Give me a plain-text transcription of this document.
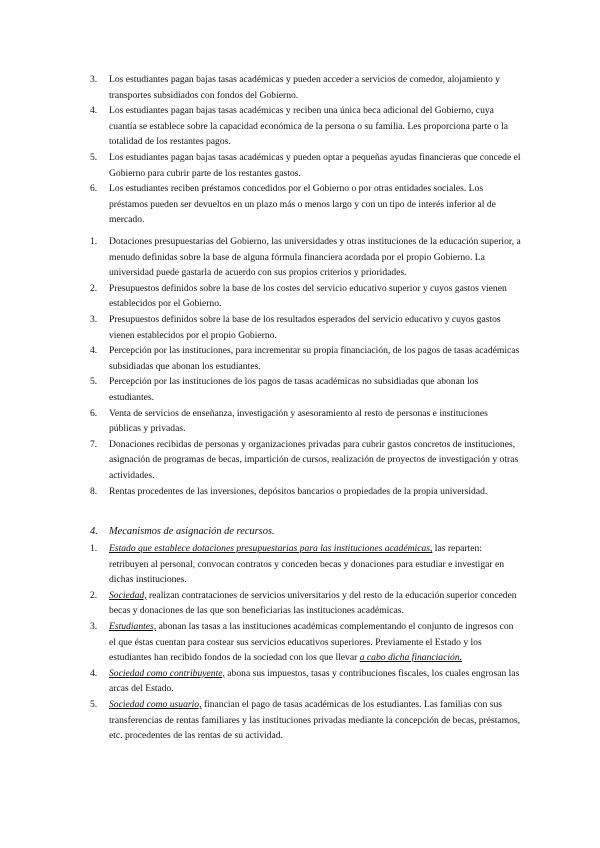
3. Los estudiantes pagan bajas tasas académicas y pueden acceder a servicios de comedor, alojamiento y transportes subsidiados con fondos del Gobierno.
4. Los estudiantes pagan bajas tasas académicas y reciben una única beca adicional del Gobierno, cuya cuantía se establece sobre la capacidad económica de la persona o su familia. Les proporciona parte o la totalidad de los restantes pagos.
5. Los estudiantes pagan bajas tasas académicas y pueden optar a pequeñas ayudas financieras que concede el Gobierno para cubrir parte de los restantes gastos.
6. Los estudiantes reciben préstamos concedidos por el Gobierno o por otras entidades sociales. Los préstamos pueden ser devueltos en un plazo más o menos largo y con un tipo de interés inferior al de mercado.
1. Dotaciones presupuestarias del Gobierno, las universidades y otras instituciones de la educación superior, a menudo definidas sobre la base de alguna fórmula financiera acordada por el propio Gobierno. La universidad puede gastarla de acuerdo con sus propios criterios y prioridades.
2. Presupuestos definidos sobre la base de los costes del servicio educativo superior y cuyos gastos vienen establecidos por el Gobierno.
3. Presupuestos definidos sobre la base de los resultados esperados del servicio educativo y cuyos gastos vienen establecidos por el propio Gobierno.
4. Percepción por las instituciones, para incrementar su propia financiación, de los pagos de tasas académicas subsidiadas que abonan los estudiantes.
5. Percepción por las instituciones de los pagos de tasas académicas no subsidiadas que abonan los estudiantes.
6. Venta de servicios de enseñanza, investigación y asesoramiento al resto de personas e instituciones públicas y privadas.
7. Donaciones recibidas de personas y organizaciones privadas para cubrir gastos concretos de instituciones, asignación de programas de becas, impartición de cursos, realización de proyectos de investigación y otras actividades.
8. Rentas procedentes de las inversiones, depósitos bancarios o propiedades de la propia universidad.
4. Mecanismos de asignación de recursos.
1. Estado que establece dotaciones presupuestarias para las instituciones académicas, las reparten: retribuyen al personal, convocan contratos y conceden becas y donaciones para estudiar e investigar en dichas instituciones.
2. Sociedad, realizan contrataciones de servicios universitarios y del resto de la educación superior conceden becas y donaciones de las que son beneficiarias las instituciones académicas.
3. Estudiantes, abonan las tasas a las instituciones académicas complementando el conjunto de ingresos con el que éstas cuentan para costear sus servicios educativos superiores. Previamente el Estado y los estudiantes han recibido fondos de la sociedad con los que llevar a cabo dicha financiación.
4. Sociedad como contribuyente, abona sus impuestos, tasas y contribuciones fiscales, los cuales engrosan las arcas del Estado.
5. Sociedad como usuario, financian el pago de tasas académicas de los estudiantes. Las familias con sus transferencias de rentas familiares y las instituciones privadas mediante la concepción de becas, préstamos, etc. procedentes de las rentas de su actividad.
